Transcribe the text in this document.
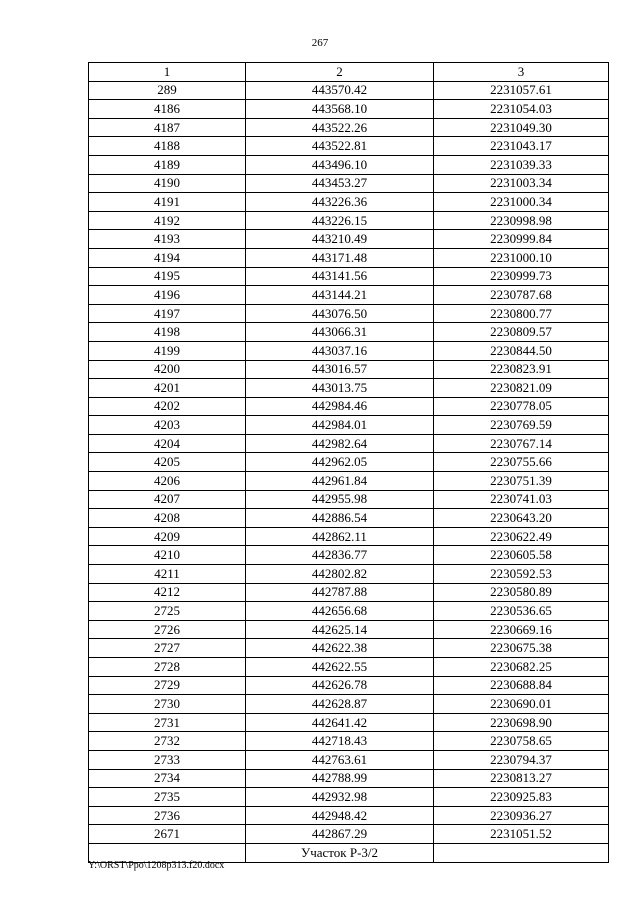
267
1	2	3
289	443570.42	2231057.61
4186	443568.10	2231054.03
4187	443522.26	2231049.30
4188	443522.81	2231043.17
4189	443496.10	2231039.33
4190	443453.27	2231003.34
4191	443226.36	2231000.34
4192	443226.15	2230998.98
4193	443210.49	2230999.84
4194	443171.48	2231000.10
4195	443141.56	2230999.73
4196	443144.21	2230787.68
4197	443076.50	2230800.77
4198	443066.31	2230809.57
4199	443037.16	2230844.50
4200	443016.57	2230823.91
4201	443013.75	2230821.09
4202	442984.46	2230778.05
4203	442984.01	2230769.59
4204	442982.64	2230767.14
4205	442962.05	2230755.66
4206	442961.84	2230751.39
4207	442955.98	2230741.03
4208	442886.54	2230643.20
4209	442862.11	2230622.49
4210	442836.77	2230605.58
4211	442802.82	2230592.53
4212	442787.88	2230580.89
2725	442656.68	2230536.65
2726	442625.14	2230669.16
2727	442622.38	2230675.38
2728	442622.55	2230682.25
2729	442626.78	2230688.84
2730	442628.87	2230690.01
2731	442641.42	2230698.90
2732	442718.43	2230758.65
2733	442763.61	2230794.37
2734	442788.99	2230813.27
2735	442932.98	2230925.83
2736	442948.42	2230936.27
2671	442867.29	2231051.52
	Участок Р-3/2	
Y:\ORST\Ppo\1208p313.f20.docx
